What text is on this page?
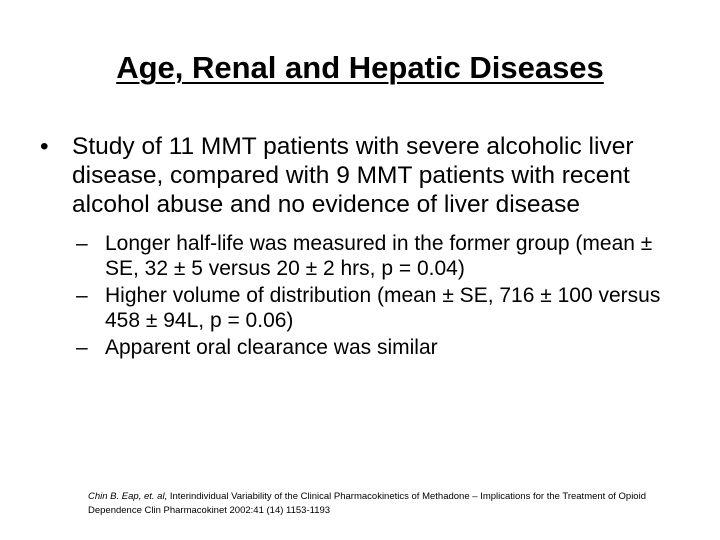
Age, Renal and Hepatic Diseases
• Study of 11 MMT patients with severe alcoholic liver disease, compared with 9 MMT patients with recent alcohol abuse and no evidence of liver disease
– Longer half-life was measured in the former group (mean ± SE, 32 ± 5 versus 20 ± 2 hrs, p = 0.04)
– Higher volume of distribution (mean ± SE, 716 ± 100 versus 458 ± 94L, p = 0.06)
– Apparent oral clearance was similar
Chin B. Eap, et. al, Interindividual Variability of the Clinical Pharmacokinetics of Methadone – Implications for the Treatment of Opioid Dependence Clin Pharmacokinet 2002:41 (14) 1153-1193
